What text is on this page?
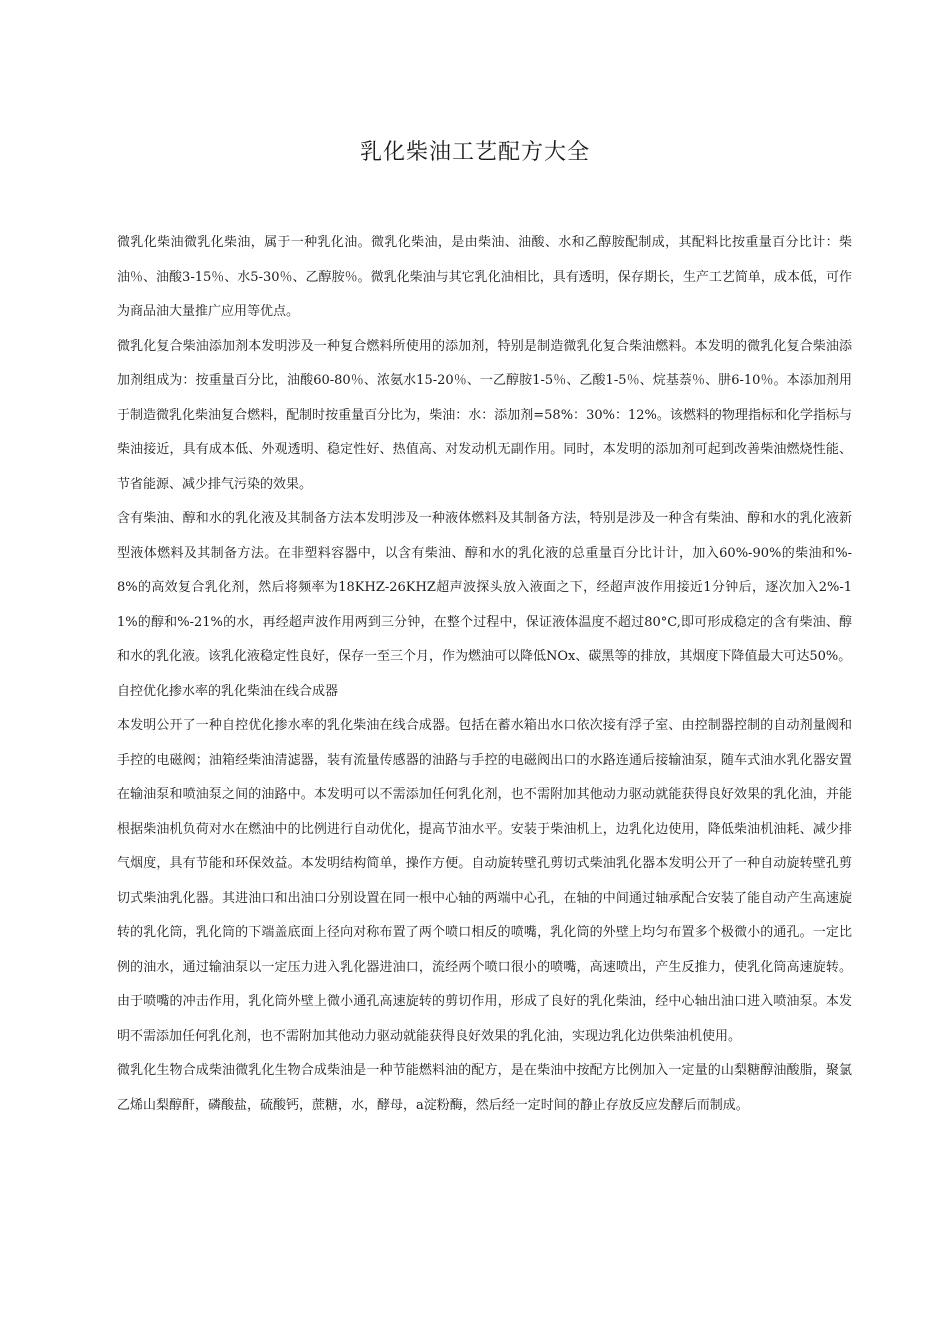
乳化柴油工艺配方大全

微乳化柴油微乳化柴油，属于一种乳化油。微乳化柴油，是由柴油、油酸、水和乙醇胺配制成，其配料比按重量百分比计：柴油％、油酸3-15％、水5-30％、乙醇胺％。微乳化柴油与其它乳化油相比，具有透明，保存期长，生产工艺简单，成本低，可作为商品油大量推广应用等优点。

微乳化复合柴油添加剂本发明涉及一种复合燃料所使用的添加剂，特别是制造微乳化复合柴油燃料。本发明的微乳化复合柴油添加剂组成为：按重量百分比，油酸60-80％、浓氨水15-20％、一乙醇胺1-5％、乙酸1-5％、烷基萘％、肼6-10％。本添加剂用于制造微乳化柴油复合燃料，配制时按重量百分比为，柴油：水：添加剂=58%：30%：12%。该燃料的物理指标和化学指标与柴油接近，具有成本低、外观透明、稳定性好、热值高、对发动机无副作用。同时，本发明的添加剂可起到改善柴油燃烧性能、节省能源、减少排气污染的效果。

含有柴油、醇和水的乳化液及其制备方法本发明涉及一种液体燃料及其制备方法，特别是涉及一种含有柴油、醇和水的乳化液新型液体燃料及其制备方法。在非塑料容器中，以含有柴油、醇和水的乳化液的总重量百分比计计，加入60%-90%的柴油和%-8%的高效复合乳化剂，然后将频率为18KHZ-26KHZ超声波探头放入液面之下，经超声波作用接近1分钟后，逐次加入2%-11%的醇和%-21%的水，再经超声波作用两到三分钟，在整个过程中，保证液体温度不超过80°C,即可形成稳定的含有柴油、醇和水的乳化液。该乳化液稳定性良好，保存一至三个月，作为燃油可以降低NOx、碳黑等的排放，其烟度下降值最大可达50%。

自控优化掺水率的乳化柴油在线合成器

本发明公开了一种自控优化掺水率的乳化柴油在线合成器。包括在蓄水箱出水口依次接有浮子室、由控制器控制的自动剂量阀和手控的电磁阀；油箱经柴油清滤器，装有流量传感器的油路与手控的电磁阀出口的水路连通后接输油泵，随车式油水乳化器安置在输油泵和喷油泵之间的油路中。本发明可以不需添加任何乳化剂，也不需附加其他动力驱动就能获得良好效果的乳化油，并能根据柴油机负荷对水在燃油中的比例进行自动优化，提高节油水平。安装于柴油机上，边乳化边使用，降低柴油机油耗、减少排气烟度，具有节能和环保效益。本发明结构简单，操作方便。自动旋转壁孔剪切式柴油乳化器本发明公开了一种自动旋转壁孔剪切式柴油乳化器。其进油口和出油口分别设置在同一根中心轴的两端中心孔，在轴的中间通过轴承配合安装了能自动产生高速旋转的乳化筒，乳化筒的下端盖底面上径向对称布置了两个喷口相反的喷嘴，乳化筒的外壁上均匀布置多个极微小的通孔。一定比例的油水，通过输油泵以一定压力进入乳化器进油口，流经两个喷口很小的喷嘴，高速喷出，产生反推力，使乳化筒高速旋转。由于喷嘴的冲击作用，乳化筒外壁上微小通孔高速旋转的剪切作用，形成了良好的乳化柴油，经中心轴出油口进入喷油泵。本发明不需添加任何乳化剂，也不需附加其他动力驱动就能获得良好效果的乳化油，实现边乳化边供柴油机使用。

微乳化生物合成柴油微乳化生物合成柴油是一种节能燃料油的配方，是在柴油中按配方比例加入一定量的山梨糖醇油酸脂，聚氯乙烯山梨醇酐，磷酸盐，硫酸钙，蔗糖，水，酵母，a淀粉酶，然后经一定时间的静止存放反应发酵后而制成。
